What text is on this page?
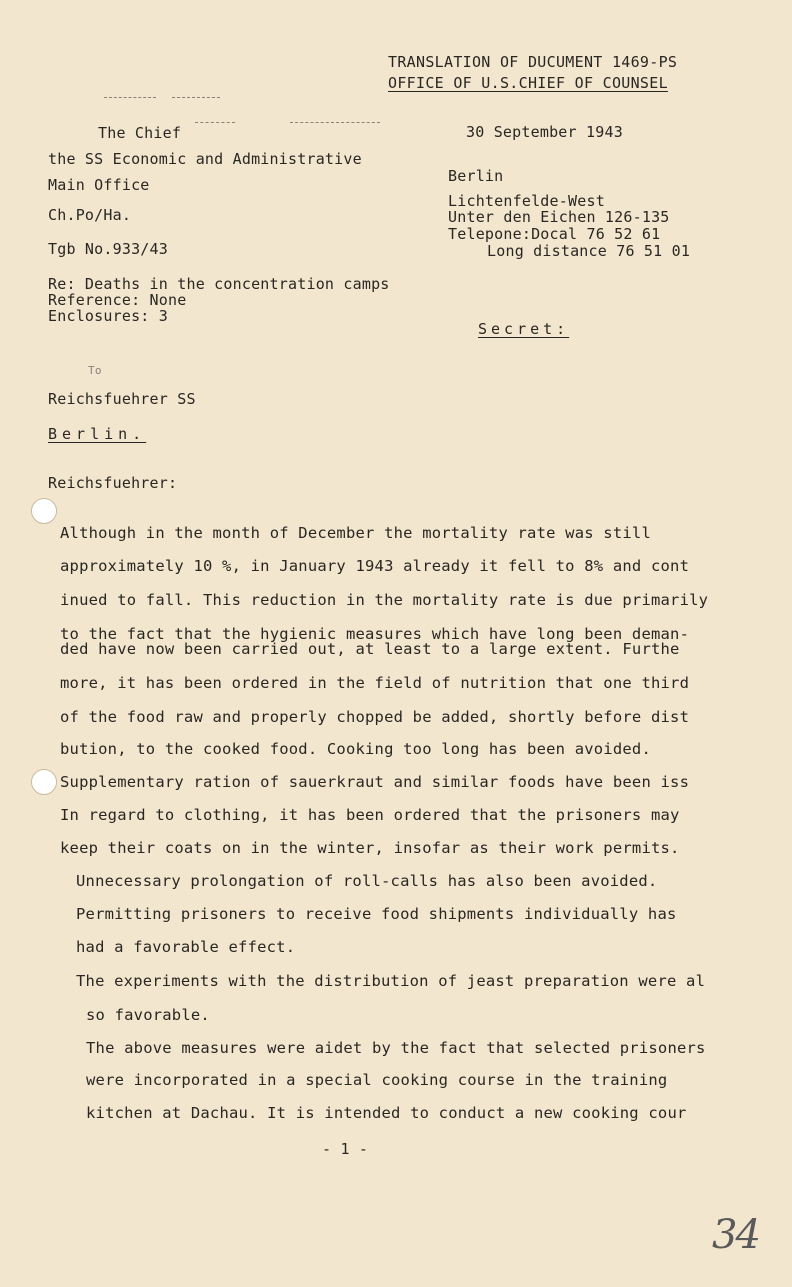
TRANSLATION OF DUCUMENT 1469-PS
OFFICE OF U.S.CHIEF OF COUNSEL
The Chief
the SS Economic and Administrative
Main Office
Ch.Po/Ha.
Tgb No.933/43
Re: Deaths in the concentration camps
Reference: None
Enclosures: 3
30 September 1943
Berlin
Lichtenfelde-West
Unter den Eichen 126-135
Telepone:Docal 76 52 61
Long distance 76 51 01
Secret:
To
Reichsfuehrer SS
Berlin.
Reichsfuehrer:
Although in the month of December the mortality rate was still
approximately 10 %, in January 1943 already it fell to 8% and cont
inued to fall. This reduction in the mortality rate is due primarily
to the fact that the hygienic measures which have long been deman-
ded have now been carried out, at least to a large extent. Furthe
more, it has been ordered in the field of nutrition that one third
of the food raw and properly chopped be added, shortly before dist
bution, to the cooked food. Cooking too long has been avoided.
Supplementary ration of sauerkraut and similar foods have been iss
In regard to clothing, it has been ordered that the prisoners may
keep their coats on in the winter, insofar as their work permits.
Unnecessary prolongation of roll-calls has also been avoided.
Permitting prisoners to receive food shipments individually has
had a favorable effect.
The experiments with the distribution of jeast preparation were al
so favorable.
The above measures were aidet by the fact that selected prisoners
were incorporated in a special cooking course in the training
kitchen at Dachau. It is intended to conduct a new cooking cour
- 1 -
34
